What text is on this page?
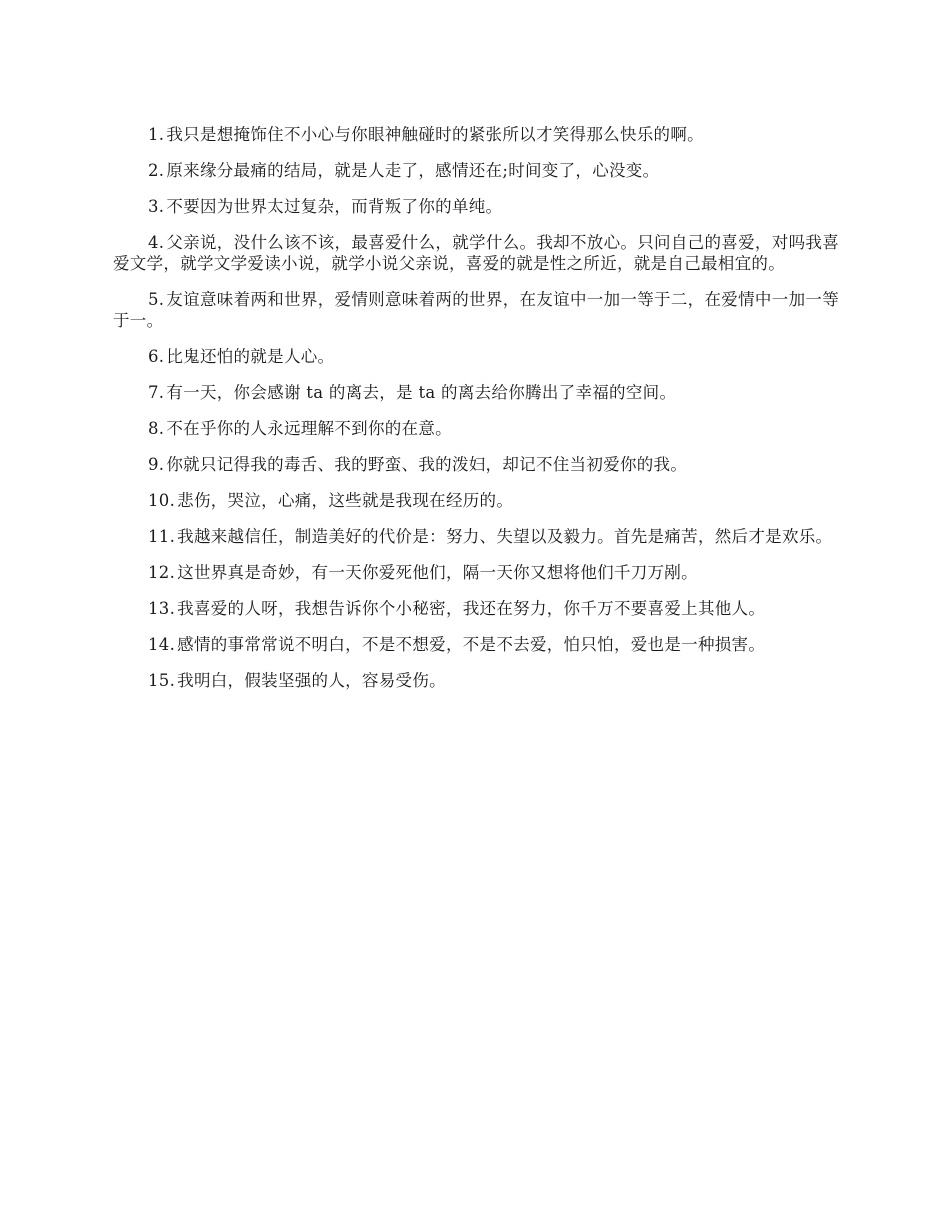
1. 我只是想掩饰住不小心与你眼神触碰时的紧张所以才笑得那么快乐的啊。

2. 原来缘分最痛的结局，就是人走了，感情还在;时间变了，心没变。

3. 不要因为世界太过复杂，而背叛了你的单纯。

4. 父亲说，没什么该不该，最喜爱什么，就学什么。我却不放心。只问自己的喜爱，对吗我喜爱文学，就学文学爱读小说，就学小说父亲说，喜爱的就是性之所近，就是自己最相宜的。

5. 友谊意味着两和世界，爱情则意味着两的世界，在友谊中一加一等于二，在爱情中一加一等于一。

6. 比鬼还怕的就是人心。

7. 有一天，你会感谢 ta 的离去，是 ta 的离去给你腾出了幸福的空间。

8. 不在乎你的人永远理解不到你的在意。

9. 你就只记得我的毒舌、我的野蛮、我的泼妇，却记不住当初爱你的我。

10. 悲伤，哭泣，心痛，这些就是我现在经历的。

11. 我越来越信任，制造美好的代价是：努力、失望以及毅力。首先是痛苦，然后才是欢乐。

12. 这世界真是奇妙，有一天你爱死他们，隔一天你又想将他们千刀万剐。

13. 我喜爱的人呀，我想告诉你个小秘密，我还在努力，你千万不要喜爱上其他人。

14. 感情的事常常说不明白，不是不想爱，不是不去爱，怕只怕，爱也是一种损害。

15. 我明白，假装坚强的人，容易受伤。
